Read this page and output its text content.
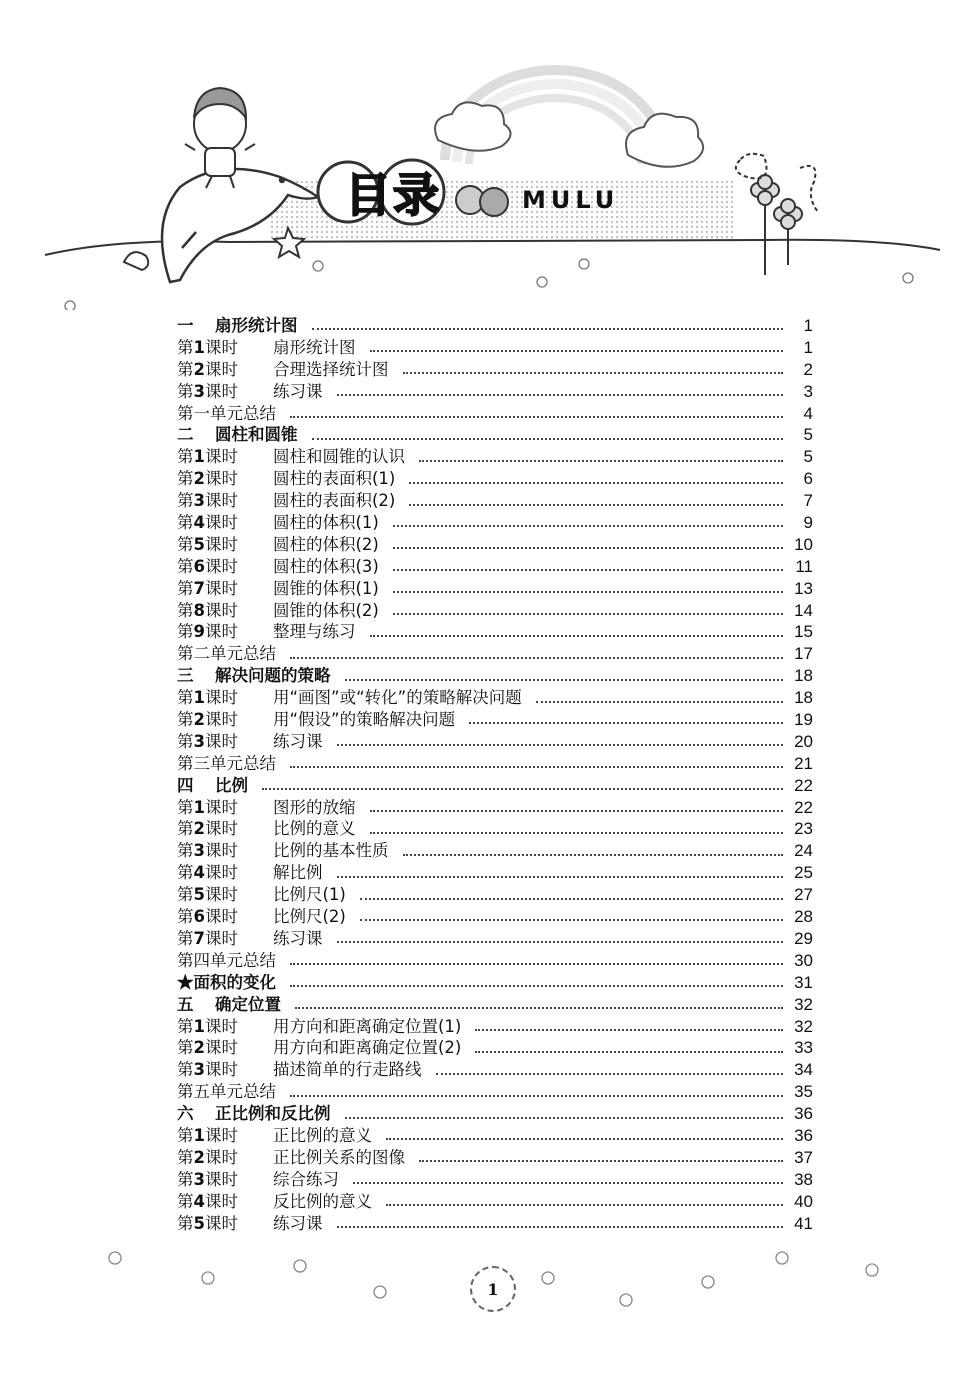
目录	MULU
一	扇形统计图	1
第1课时	扇形统计图	1
第2课时	合理选择统计图	2
第3课时	练习课	3
第一单元总结	4
二	圆柱和圆锥	5
第1课时	圆柱和圆锥的认识	5
第2课时	圆柱的表面积(1)	6
第3课时	圆柱的表面积(2)	7
第4课时	圆柱的体积(1)	9
第5课时	圆柱的体积(2)	10
第6课时	圆柱的体积(3)	11
第7课时	圆锥的体积(1)	13
第8课时	圆锥的体积(2)	14
第9课时	整理与练习	15
第二单元总结	17
三	解决问题的策略	18
第1课时	用“画图”或“转化”的策略解决问题	18
第2课时	用“假设”的策略解决问题	19
第3课时	练习课	20
第三单元总结	21
四	比例	22
第1课时	图形的放缩	22
第2课时	比例的意义	23
第3课时	比例的基本性质	24
第4课时	解比例	25
第5课时	比例尺(1)	27
第6课时	比例尺(2)	28
第7课时	练习课	29
第四单元总结	30
★面积的变化	31
五	确定位置	32
第1课时	用方向和距离确定位置(1)	32
第2课时	用方向和距离确定位置(2)	33
第3课时	描述简单的行走路线	34
第五单元总结	35
六	正比例和反比例	36
第1课时	正比例的意义	36
第2课时	正比例关系的图像	37
第3课时	综合练习	38
第4课时	反比例的意义	40
第5课时	练习课	41
1
